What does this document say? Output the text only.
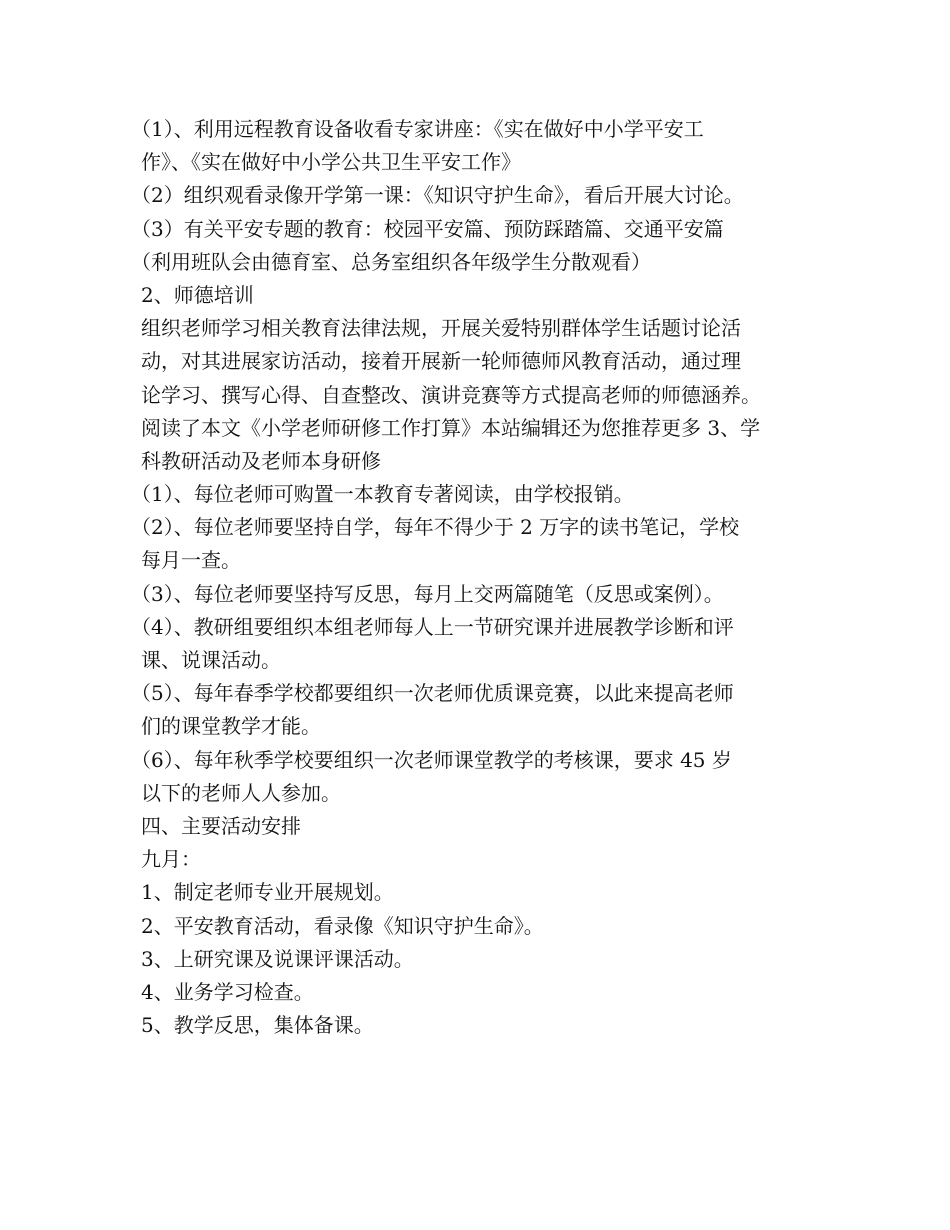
（1）、利用远程教育设备收看专家讲座：《实在做好中小学平安工
作》、《实在做好中小学公共卫生平安工作》
（2）组织观看录像开学第一课：《知识守护生命》，看后开展大讨论。
（3）有关平安专题的教育：校园平安篇、预防踩踏篇、交通平安篇
（利用班队会由德育室、总务室组织各年级学生分散观看）
2、师德培训
组织老师学习相关教育法律法规，开展关爱特别群体学生话题讨论活
动，对其进展家访活动，接着开展新一轮师德师风教育活动，通过理
论学习、撰写心得、自查整改、演讲竞赛等方式提高老师的师德涵养。
阅读了本文《小学老师研修工作打算》本站编辑还为您推荐更多 3、学
科教研活动及老师本身研修
（1）、每位老师可购置一本教育专著阅读，由学校报销。
（2）、每位老师要坚持自学，每年不得少于 2 万字的读书笔记，学校
每月一查。
（3）、每位老师要坚持写反思，每月上交两篇随笔（反思或案例）。
（4）、教研组要组织本组老师每人上一节研究课并进展教学诊断和评
课、说课活动。
（5）、每年春季学校都要组织一次老师优质课竞赛，以此来提高老师
们的课堂教学才能。
（6）、每年秋季学校要组织一次老师课堂教学的考核课，要求 45 岁
以下的老师人人参加。
四、主要活动安排
九月：
1、制定老师专业开展规划。
2、平安教育活动，看录像《知识守护生命》。
3、上研究课及说课评课活动。
4、业务学习检查。
5、教学反思，集体备课。
